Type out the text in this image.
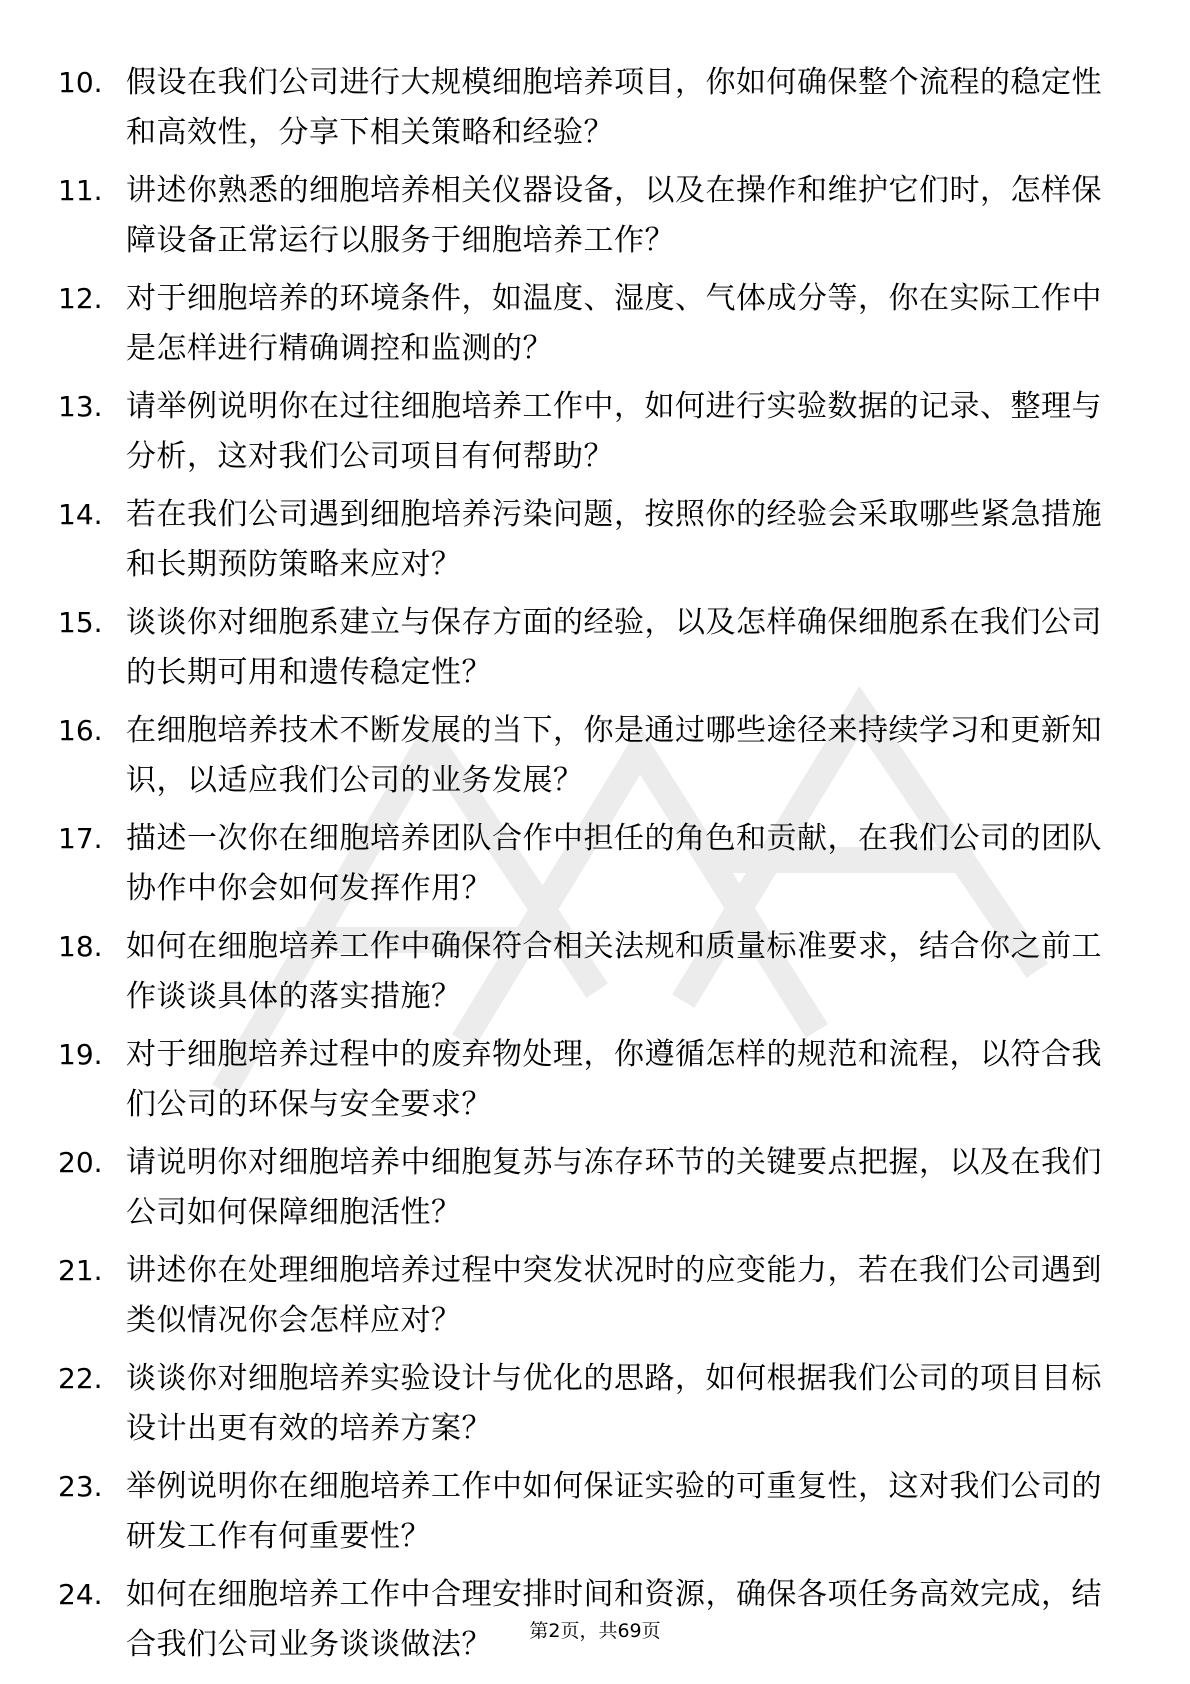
10. 假设在我们公司进行大规模细胞培养项目，你如何确保整个流程的稳定性和高效性，分享下相关策略和经验？
11. 讲述你熟悉的细胞培养相关仪器设备，以及在操作和维护它们时，怎样保障设备正常运行以服务于细胞培养工作？
12. 对于细胞培养的环境条件，如温度、湿度、气体成分等，你在实际工作中是怎样进行精确调控和监测的？
13. 请举例说明你在过往细胞培养工作中，如何进行实验数据的记录、整理与分析，这对我们公司项目有何帮助？
14. 若在我们公司遇到细胞培养污染问题，按照你的经验会采取哪些紧急措施和长期预防策略来应对？
15. 谈谈你对细胞系建立与保存方面的经验，以及怎样确保细胞系在我们公司的长期可用和遗传稳定性？
16. 在细胞培养技术不断发展的当下，你是通过哪些途径来持续学习和更新知识，以适应我们公司的业务发展？
17. 描述一次你在细胞培养团队合作中担任的角色和贡献，在我们公司的团队协作中你会如何发挥作用？
18. 如何在细胞培养工作中确保符合相关法规和质量标准要求，结合你之前工作谈谈具体的落实措施？
19. 对于细胞培养过程中的废弃物处理，你遵循怎样的规范和流程，以符合我们公司的环保与安全要求？
20. 请说明你对细胞培养中细胞复苏与冻存环节的关键要点把握，以及在我们公司如何保障细胞活性？
21. 讲述你在处理细胞培养过程中突发状况时的应变能力，若在我们公司遇到类似情况你会怎样应对？
22. 谈谈你对细胞培养实验设计与优化的思路，如何根据我们公司的项目目标设计出更有效的培养方案？
23. 举例说明你在细胞培养工作中如何保证实验的可重复性，这对我们公司的研发工作有何重要性？
24. 如何在细胞培养工作中合理安排时间和资源，确保各项任务高效完成，结合我们公司业务谈谈做法？	第2页，共69页
